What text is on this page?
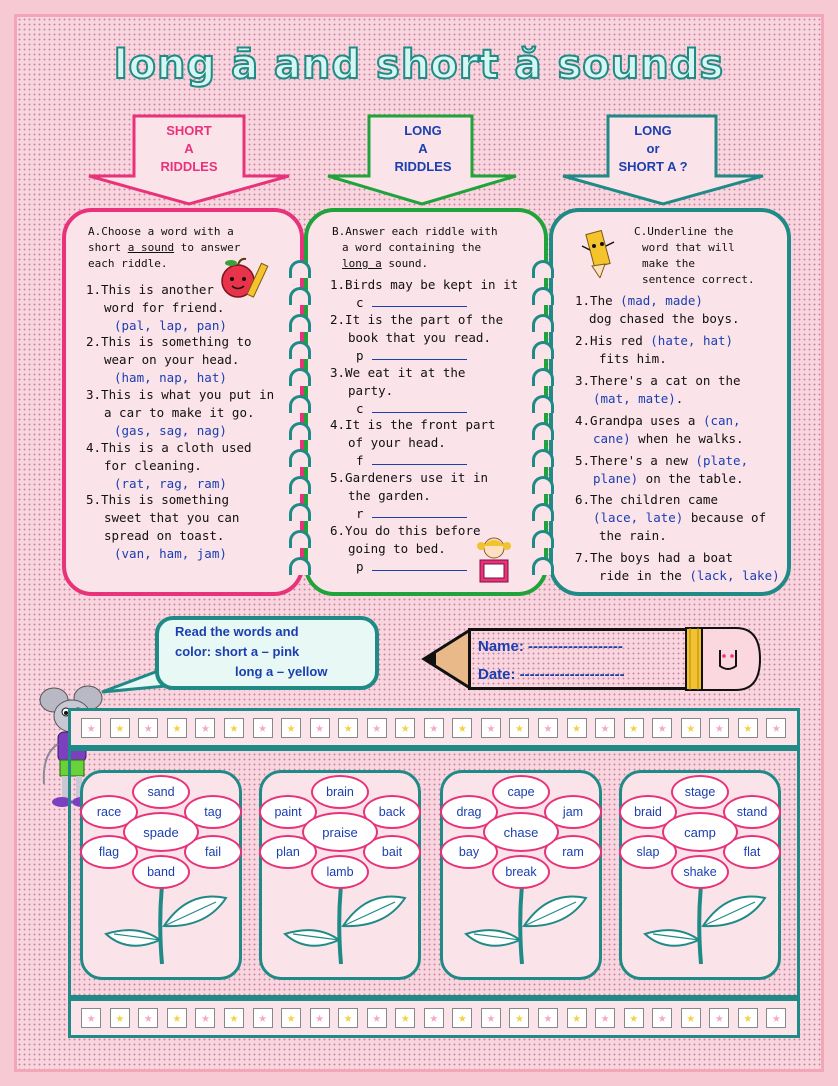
long ā and short ă sounds
SHORT
A
RIDDLES
LONG
A
RIDDLES
LONG
or
SHORT A ?
A.Choose a word with a
short a sound to answer
each riddle.
1.This is another
word for friend.
(pal, lap, pan)
2.This is something to
wear on your head.
(ham, nap, hat)
3.This is what you put in
a car to make it go.
(gas, sag, nag)
4.This is a cloth used
for cleaning.
(rat, rag, ram)
5.This is something
sweet that you can
spread on toast.
(van, ham, jam)
B.Answer each riddle with
a word containing the
long a sound.
1.Birds may be kept in it
c
2.It is the part of the
book that you read.
p
3.We eat it at the
party.
c
4.It is the front part
of your head.
f
5.Gardeners use it in
the garden.
r
6.You do this before
going to bed.
p
C.Underline the
word that will
make the
sentence correct.
1.The (mad, made)
dog chased the boys.
2.His red (hate, hat)
fits him.
3.There's a cat on the
(mat, mate).
4.Grandpa uses a (can,
cane) when he walks.
5.There's a new (plate,
plane) on the table.
6.The children came
(lace, late) because of
the rain.
7.The boys had a boat
ride in the (lack, lake)
Read the words and
color: short a – pink
long a – yellow
Name: -------------------
Date: ---------------------
★	★	★	★	★	★	★	★	★	★	★	★	★	★	★	★	★	★	★	★	★	★	★	★	★
★	★	★	★	★	★	★	★	★	★	★	★	★	★	★	★	★	★	★	★	★	★	★	★	★
sand
race	tag
flag	fail
band
spade
brain
paint	back
plan	bait
lamb
praise
cape
drag	jam
bay	ram
break
chase
stage
braid	stand
slap	flat
shake
camp
